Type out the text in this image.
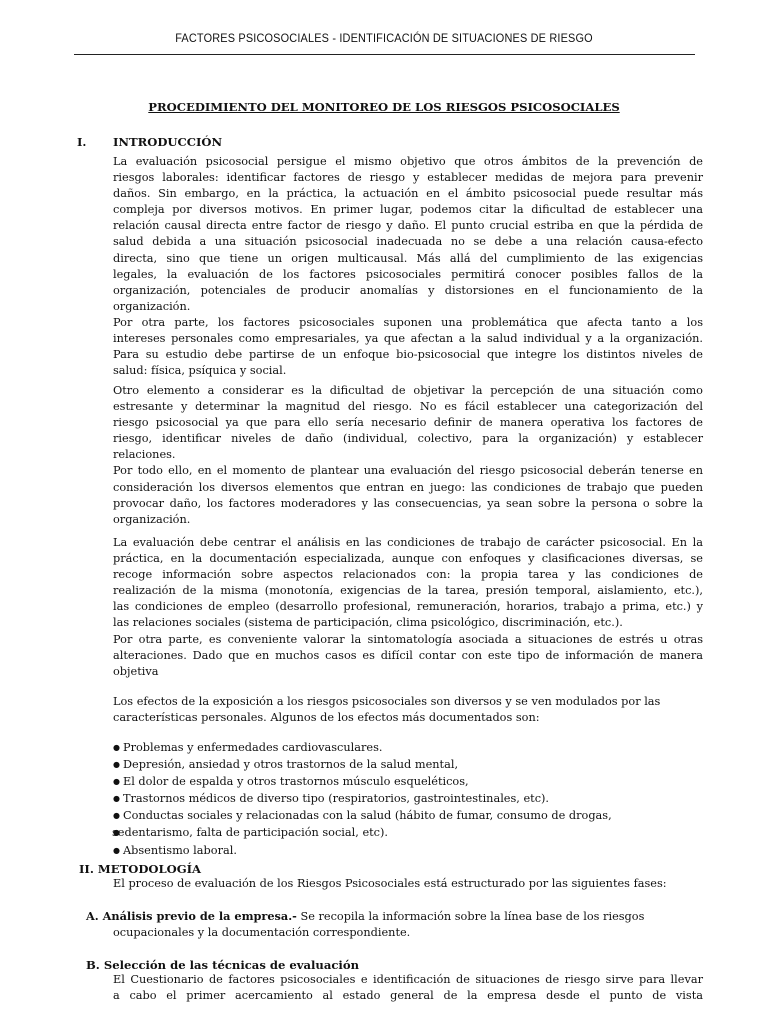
FACTORES PSICOSOCIALES - IDENTIFICACIÓN DE SITUACIONES DE RIESGO
PROCEDIMIENTO DEL MONITOREO DE LOS RIESGOS PSICOSOCIALES
I. INTRODUCCIÓN

La evaluación psicosocial persigue el mismo objetivo que otros ámbitos de la prevención de
riesgos laborales: identificar factores de riesgo y establecer medidas de mejora para prevenir
daños. Sin embargo, en la práctica, la actuación en el ámbito psicosocial puede resultar más
compleja por diversos motivos. En primer lugar, podemos citar la dificultad de establecer una
relación causal directa entre factor de riesgo y daño. El punto crucial estriba en que la pérdida de
salud debida a una situación psicosocial inadecuada no se debe a una relación causa-efecto
directa, sino que tiene un origen multicausal. Más allá del cumplimiento de las exigencias
legales, la evaluación de los factores psicosociales permitirá conocer posibles fallos de la
organización, potenciales de producir anomalías y distorsiones en el funcionamiento de la
organización.

Por otra parte, los factores psicosociales suponen una problemática que afecta tanto a los
intereses personales como empresariales, ya que afectan a la salud individual y a la organización.
Para su estudio debe partirse de un enfoque bio-psicosocial que integre los distintos niveles de
salud: física, psíquica y social.

Otro elemento a considerar es la dificultad de objetivar la percepción de una situación como
estresante y determinar la magnitud del riesgo. No es fácil establecer una categorización del
riesgo psicosocial ya que para ello sería necesario definir de manera operativa los factores de
riesgo, identificar niveles de daño (individual, colectivo, para la organización) y establecer
relaciones.

Por todo ello, en el momento de plantear una evaluación del riesgo psicosocial deberán tenerse en
consideración los diversos elementos que entran en juego: las condiciones de trabajo que pueden
provocar daño, los factores moderadores y las consecuencias, ya sean sobre la persona o sobre la
organización.

La evaluación debe centrar el análisis en las condiciones de trabajo de carácter psicosocial. En la
práctica, en la documentación especializada, aunque con enfoques y clasificaciones diversas, se
recoge información sobre aspectos relacionados con: la propia tarea y las condiciones de
realización de la misma (monotonía, exigencias de la tarea, presión temporal, aislamiento, etc.),
las condiciones de empleo (desarrollo profesional, remuneración, horarios, trabajo a prima, etc.) y
las relaciones sociales (sistema de participación, clima psicológico, discriminación, etc.).

Por otra parte, es conveniente valorar la sintomatología asociada a situaciones de estrés u otras
alteraciones. Dado que en muchos casos es difícil contar con este tipo de información de manera
objetiva

Los efectos de la exposición a los riesgos psicosociales son diversos y se ven modulados por las
características personales. Algunos de los efectos más documentados son:

● Problemas y enfermedades cardiovasculares.
● Depresión, ansiedad y otros trastornos de la salud mental,
● El dolor de espalda y otros trastornos músculo esqueléticos,
● Trastornos médicos de diverso tipo (respiratorios, gastrointestinales, etc).
● Conductas sociales y relacionadas con la salud (hábito de fumar, consumo de drogas,
● sedentarismo, falta de participación social, etc).
● Absentismo laboral.
II. METODOLOGÍA

El proceso de evaluación de los Riesgos Psicosociales está estructurado por las siguientes fases:

A. Análisis previo de la empresa.- Se recopila la información sobre la línea base de los riesgos

ocupacionales y la documentación correspondiente.

B. Selección de las técnicas de evaluación

El Cuestionario de factores psicosociales e identificación de situaciones de riesgo sirve para llevar
a cabo el primer acercamiento al estado general de la empresa desde el punto de vista
